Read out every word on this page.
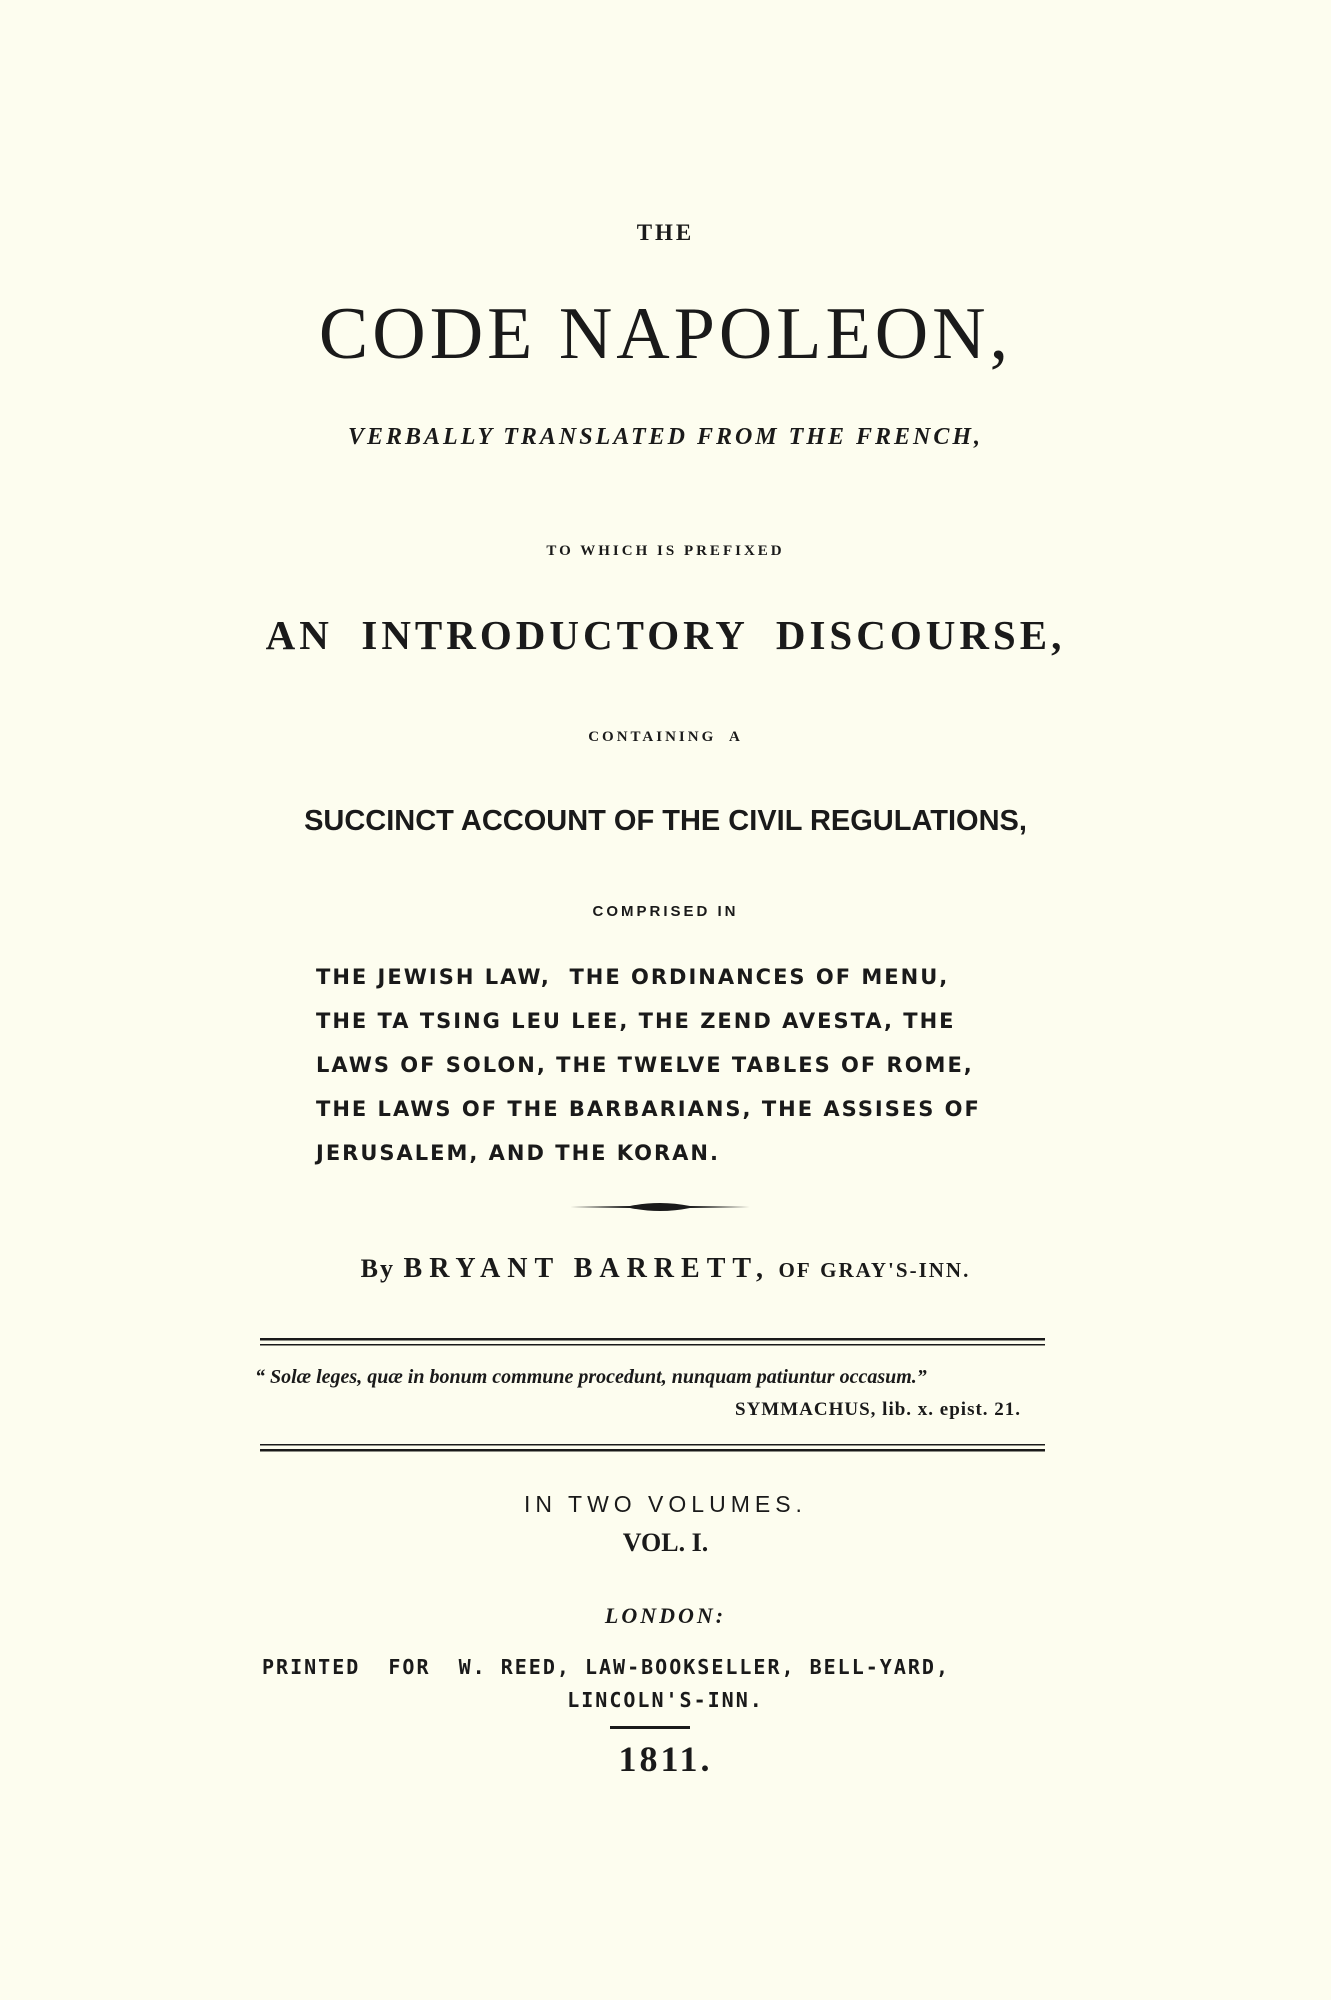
THE
CODE NAPOLEON,
VERBALLY TRANSLATED FROM THE FRENCH,
TO WHICH IS PREFIXED
AN  INTRODUCTORY  DISCOURSE,
CONTAINING  A
SUCCINCT ACCOUNT OF THE CIVIL REGULATIONS,
COMPRISED IN
THE JEWISH LAW,  THE ORDINANCES OF MENU,
THE TA TSING LEU LEE, THE ZEND AVESTA, THE
LAWS OF SOLON, THE TWELVE TABLES OF ROME,
THE LAWS OF THE BARBARIANS, THE ASSISES OF
JERUSALEM, AND THE KORAN.
By BRYANT BARRETT, OF GRAY'S-INN.
“ Solæ leges, quæ in bonum commune procedunt, nunquam patiuntur occasum.”
SYMMACHUS, lib. x. epist. 21.
IN TWO VOLUMES.
VOL. I.
LONDON:
PRINTED  FOR  W. REED, LAW-BOOKSELLER, BELL-YARD,
LINCOLN'S-INN.
1811.
